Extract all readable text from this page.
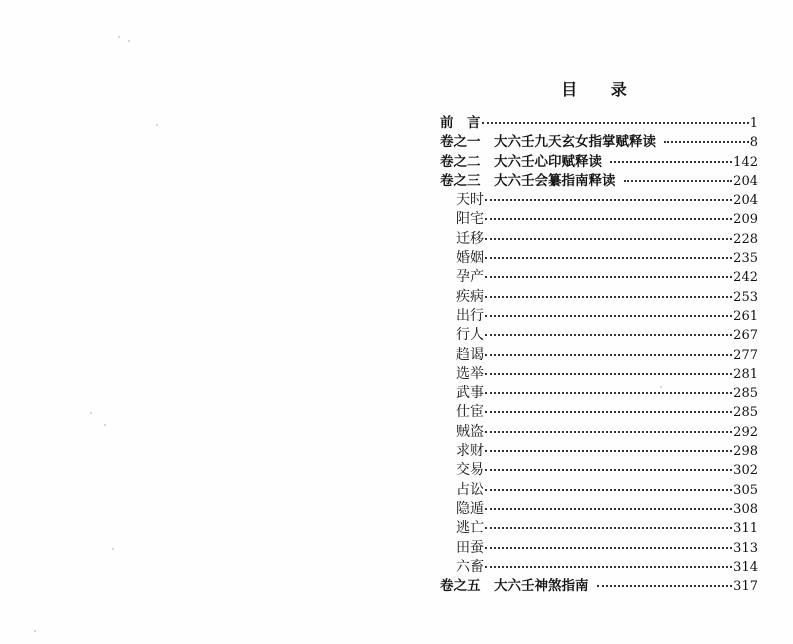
目 录
前　言	1
卷之一　大六壬九天玄女指掌赋释读	8
卷之二　大六壬心印赋释读	142
卷之三　大六壬会纂指南释读	204
天时	204
阳宅	209
迁移	228
婚姻	235
孕产	242
疾病	253
出行	261
行人	267
趋谒	277
选举	281
武事	285
仕宦	285
贼盗	292
求财	298
交易	302
占讼	305
隐遁	308
逃亡	311
田蚕	313
六畜	314
卷之五　大六壬神煞指南	317
